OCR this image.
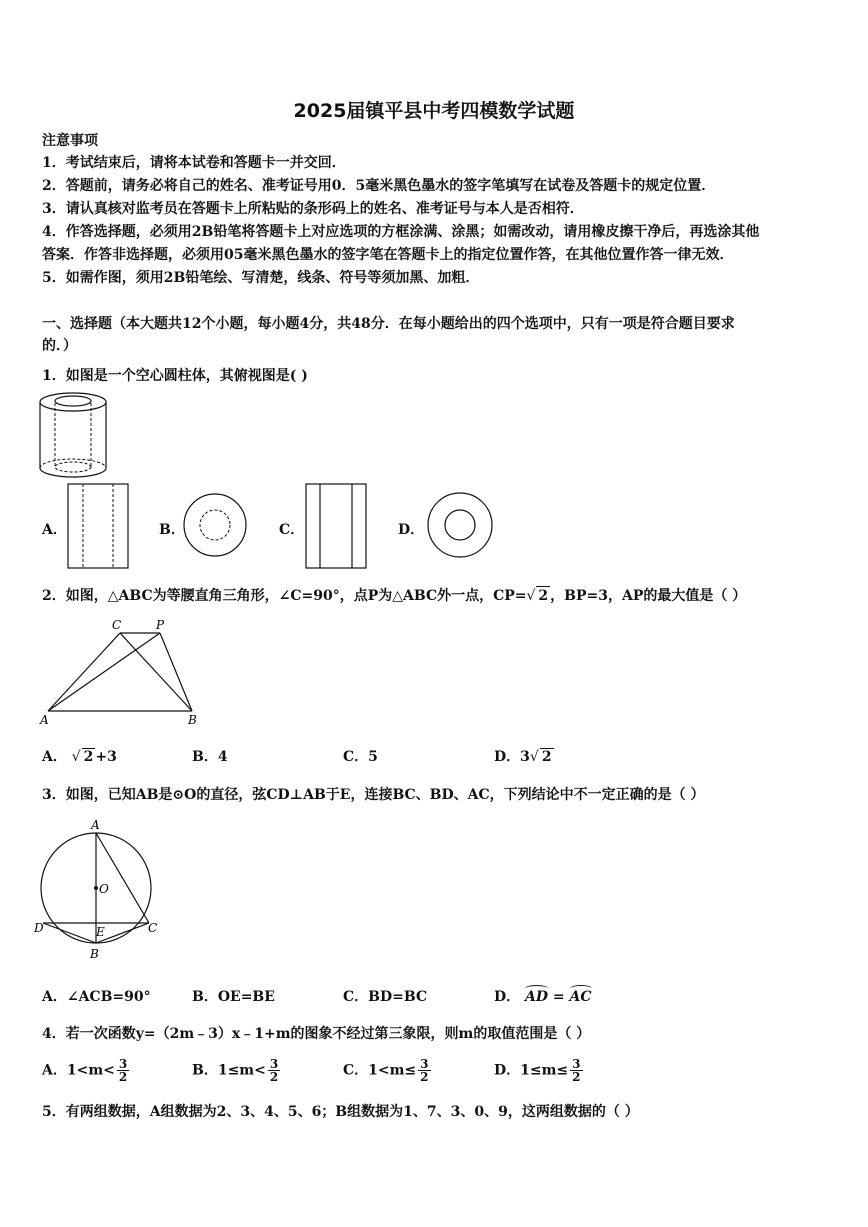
2025届镇平县中考四模数学试题
注意事项
1．考试结束后，请将本试卷和答题卡一并交回．
2．答题前，请务必将自己的姓名、准考证号用0．5毫米黑色墨水的签字笔填写在试卷及答题卡的规定位置．
3．请认真核对监考员在答题卡上所粘贴的条形码上的姓名、准考证号与本人是否相符．
4．作答选择题，必须用2B铅笔将答题卡上对应选项的方框涂满、涂黑；如需改动，请用橡皮擦干净后，再选涂其他
答案．作答非选择题，必须用05毫米黑色墨水的签字笔在答题卡上的指定位置作答，在其他位置作答一律无效．
5．如需作图，须用2B铅笔绘、写清楚，线条、符号等须加黑、加粗．
一、选择题（本大题共12个小题，每小题4分，共48分．在每小题给出的四个选项中，只有一项是符合题目要求
的．）
1．如图是一个空心圆柱体，其俯视图是( )
A．	B．	C．	D．
2．如图，△ABC为等腰直角三角形，∠C=90°，点P为△ABC外一点，CP=√ 2 ，BP=3，AP的最大值是（ ）
C	P
A	B
A． √ 2 +3	B．4	C．5	D．3√ 2
3．如图，已知AB是⊙O的直径，弦CD⊥AB于E，连接BC、BD、AC，下列结论中不一定正确的是（ ）
A
O
D	E	C
B
A．∠ACB=90°	B．OE=BE	C．BD=BC	D． AD = AC
4．若一次函数y=（2m﹣3）x﹣1+m的图象不经过第三象限，则m的取值范围是（ ）
A．$1<m< \frac{3}{2}$	B．$1\le m< \frac{3}{2}$	C．$1<m\le \frac{3}{2}$	D．$1\le m\le \frac{3}{2}$
5．有两组数据，A组数据为2、3、4、5、6；B组数据为1、7、3、0、9，这两组数据的（ ）
